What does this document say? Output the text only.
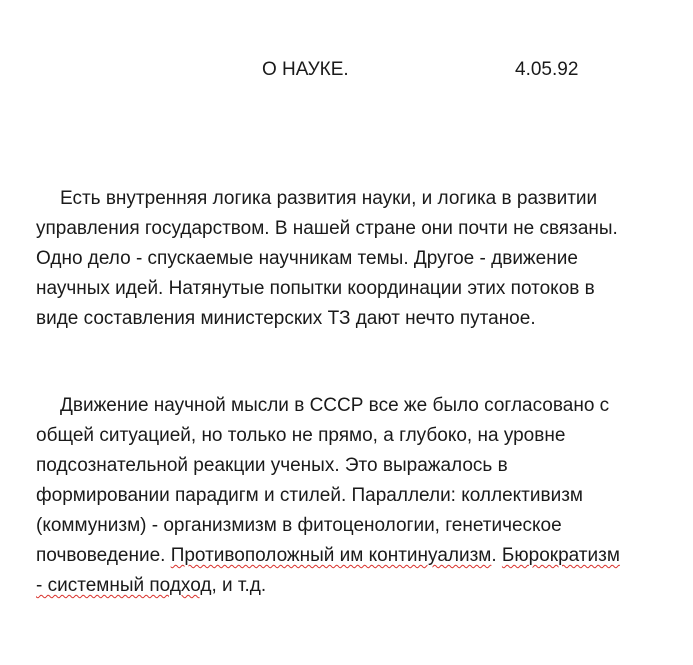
О НАУКЕ.	4.05.92
Есть внутренняя логика развития науки, и логика в развитии
управления государством. В нашей стране они почти не связаны.
Одно дело - спускаемые научникам темы. Другое - движение
научных идей. Натянутые попытки координации этих потоков в
виде составления министерских ТЗ дают нечто путаное.
Движение научной мысли в СССР все же было согласовано с
общей ситуацией, но только не прямо, а глубоко, на уровне
подсознательной реакции ученых. Это выражалось в
формировании парадигм и стилей. Параллели: коллективизм
(коммунизм) - организмизм в фитоценологии, генетическое
почвоведение. Противоположный им континуализм. Бюрократизм
- системный подход, и т.д.
